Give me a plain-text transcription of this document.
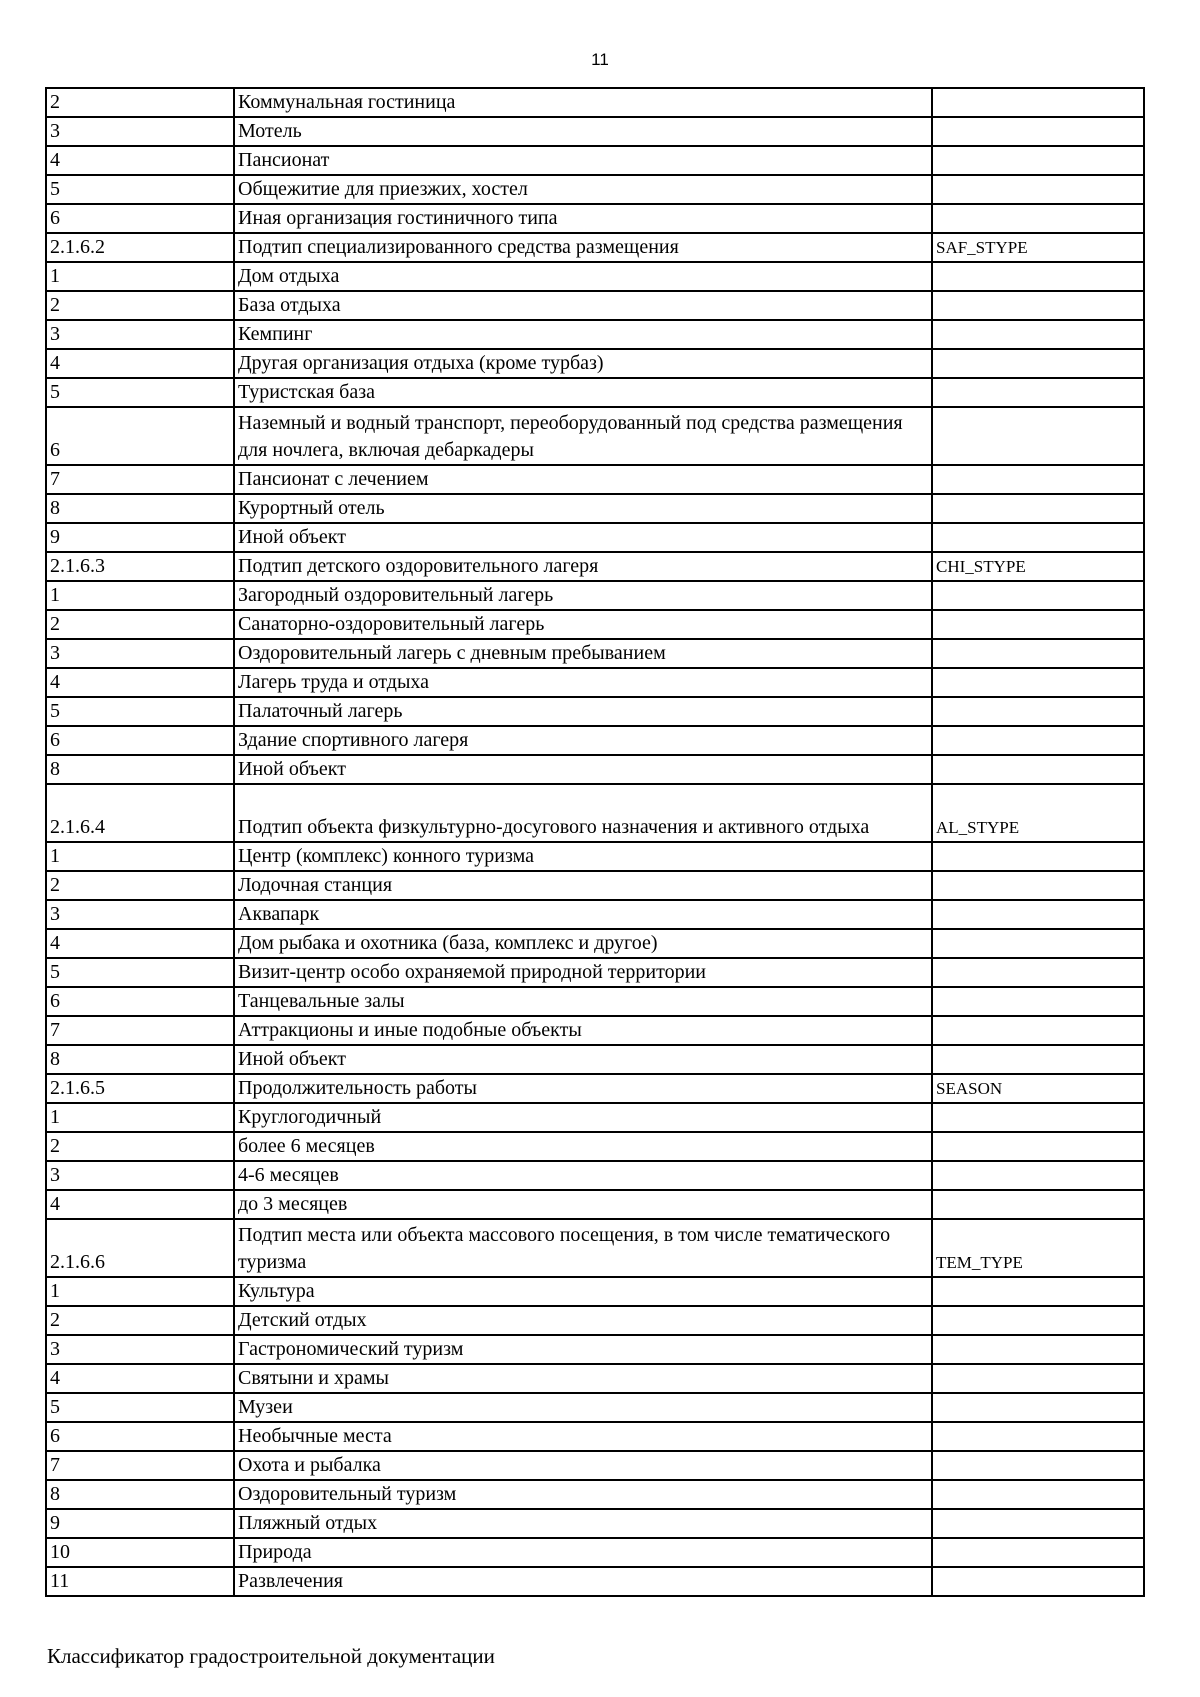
11
2	Коммунальная гостиница	
3	Мотель	
4	Пансионат	
5	Общежитие для приезжих, хостел	
6	Иная организация гостиничного типа	
2.1.6.2	Подтип специализированного средства размещения	SAF_STYPE
1	Дом отдыха	
2	База отдыха	
3	Кемпинг	
4	Другая организация отдыха (кроме турбаз)	
5	Туристская база	
6	Наземный и водный транспорт, переоборудованный под средства размещения для ночлега, включая дебаркадеры	
7	Пансионат с лечением	
8	Курортный отель	
9	Иной объект	
2.1.6.3	Подтип детского оздоровительного лагеря	CHI_STYPE
1	Загородный оздоровительный лагерь	
2	Санаторно-оздоровительный лагерь	
3	Оздоровительный лагерь с дневным пребыванием	
4	Лагерь труда и отдыха	
5	Палаточный лагерь	
6	Здание спортивного лагеря	
8	Иной объект	
2.1.6.4	Подтип объекта физкультурно-досугового назначения и активного отдыха	AL_STYPE
1	Центр (комплекс) конного туризма	
2	Лодочная станция	
3	Аквапарк	
4	Дом рыбака и охотника (база, комплекс и другое)	
5	Визит-центр особо охраняемой природной территории	
6	Танцевальные залы	
7	Аттракционы и иные подобные объекты	
8	Иной объект	
2.1.6.5	Продолжительность работы	SEASON
1	Круглогодичный	
2	более 6 месяцев	
3	4-6 месяцев	
4	до 3 месяцев	
2.1.6.6	Подтип места или объекта массового посещения, в том числе тематического туризма	TEM_TYPE
1	Культура	
2	Детский отдых	
3	Гастрономический туризм	
4	Святыни и храмы	
5	Музеи	
6	Необычные места	
7	Охота и рыбалка	
8	Оздоровительный туризм	
9	Пляжный отдых	
10	Природа	
11	Развлечения	
Классификатор градостроительной документации
